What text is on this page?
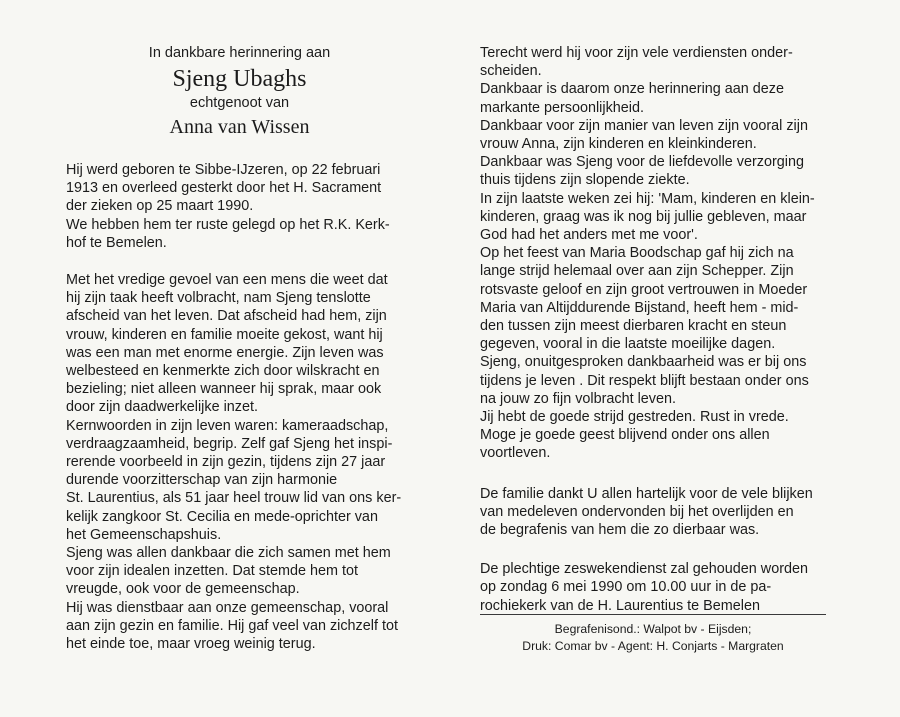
In dankbare herinnering aan

Sjeng Ubaghs

echtgenoot van

Anna van Wissen

Hij werd geboren te Sibbe-IJzeren, op 22 februari
1913 en overleed gesterkt door het H. Sacrament
der zieken op 25 maart 1990.

We hebben hem ter ruste gelegd op het R.K. Kerk-
hof te Bemelen.

Met het vredige gevoel van een mens die weet dat
hij zijn taak heeft volbracht, nam Sjeng tenslotte
afscheid van het leven. Dat afscheid had hem, zijn
vrouw, kinderen en familie moeite gekost, want hij
was een man met enorme energie. Zijn leven was
welbesteed en kenmerkte zich door wilskracht en
bezieling; niet alleen wanneer hij sprak, maar ook
door zijn daadwerkelijke inzet.

Kernwoorden in zijn leven waren: kameraadschap,
verdraagzaamheid, begrip. Zelf gaf Sjeng het inspi-
rerende voorbeeld in zijn gezin, tijdens zijn 27 jaar
durende voorzitterschap van zijn harmonie

St. Laurentius, als 51 jaar heel trouw lid van ons ker-
kelijk zangkoor St. Cecilia en mede-oprichter van
het Gemeenschapshuis.

Sjeng was allen dankbaar die zich samen met hem
voor zijn idealen inzetten. Dat stemde hem tot
vreugde, ook voor de gemeenschap.

Hij was dienstbaar aan onze gemeenschap, vooral
aan zijn gezin en familie. Hij gaf veel van zichzelf tot
het einde toe, maar vroeg weinig terug.

Terecht werd hij voor zijn vele verdiensten onder-
scheiden.

Dankbaar is daarom onze herinnering aan deze
markante persoonlijkheid.

Dankbaar voor zijn manier van leven zijn vooral zijn
vrouw Anna, zijn kinderen en kleinkinderen.

Dankbaar was Sjeng voor de liefdevolle verzorging
thuis tijdens zijn slopende ziekte.

In zijn laatste weken zei hij: 'Mam, kinderen en klein-
kinderen, graag was ik nog bij jullie gebleven, maar
God had het anders met me voor'.

Op het feest van Maria Boodschap gaf hij zich na
lange strijd helemaal over aan zijn Schepper. Zijn
rotsvaste geloof en zijn groot vertrouwen in Moeder
Maria van Altijddurende Bijstand, heeft hem - mid-
den tussen zijn meest dierbaren kracht en steun
gegeven, vooral in die laatste moeilijke dagen.

Sjeng, onuitgesproken dankbaarheid was er bij ons
tijdens je leven . Dit respekt blijft bestaan onder ons
na jouw zo fijn volbracht leven.

Jij hebt de goede strijd gestreden. Rust in vrede.

Moge je goede geest blijvend onder ons allen
voortleven.

De familie dankt U allen hartelijk voor de vele blijken
van medeleven ondervonden bij het overlijden en
de begrafenis van hem die zo dierbaar was.

De plechtige zeswekendienst zal gehouden worden
op zondag 6 mei 1990 om 10.00 uur in de pa-
rochiekerk van de H. Laurentius te Bemelen

Begrafenisond.: Walpot bv - Eijsden;
Druk: Comar bv - Agent: H. Conjarts - Margraten
